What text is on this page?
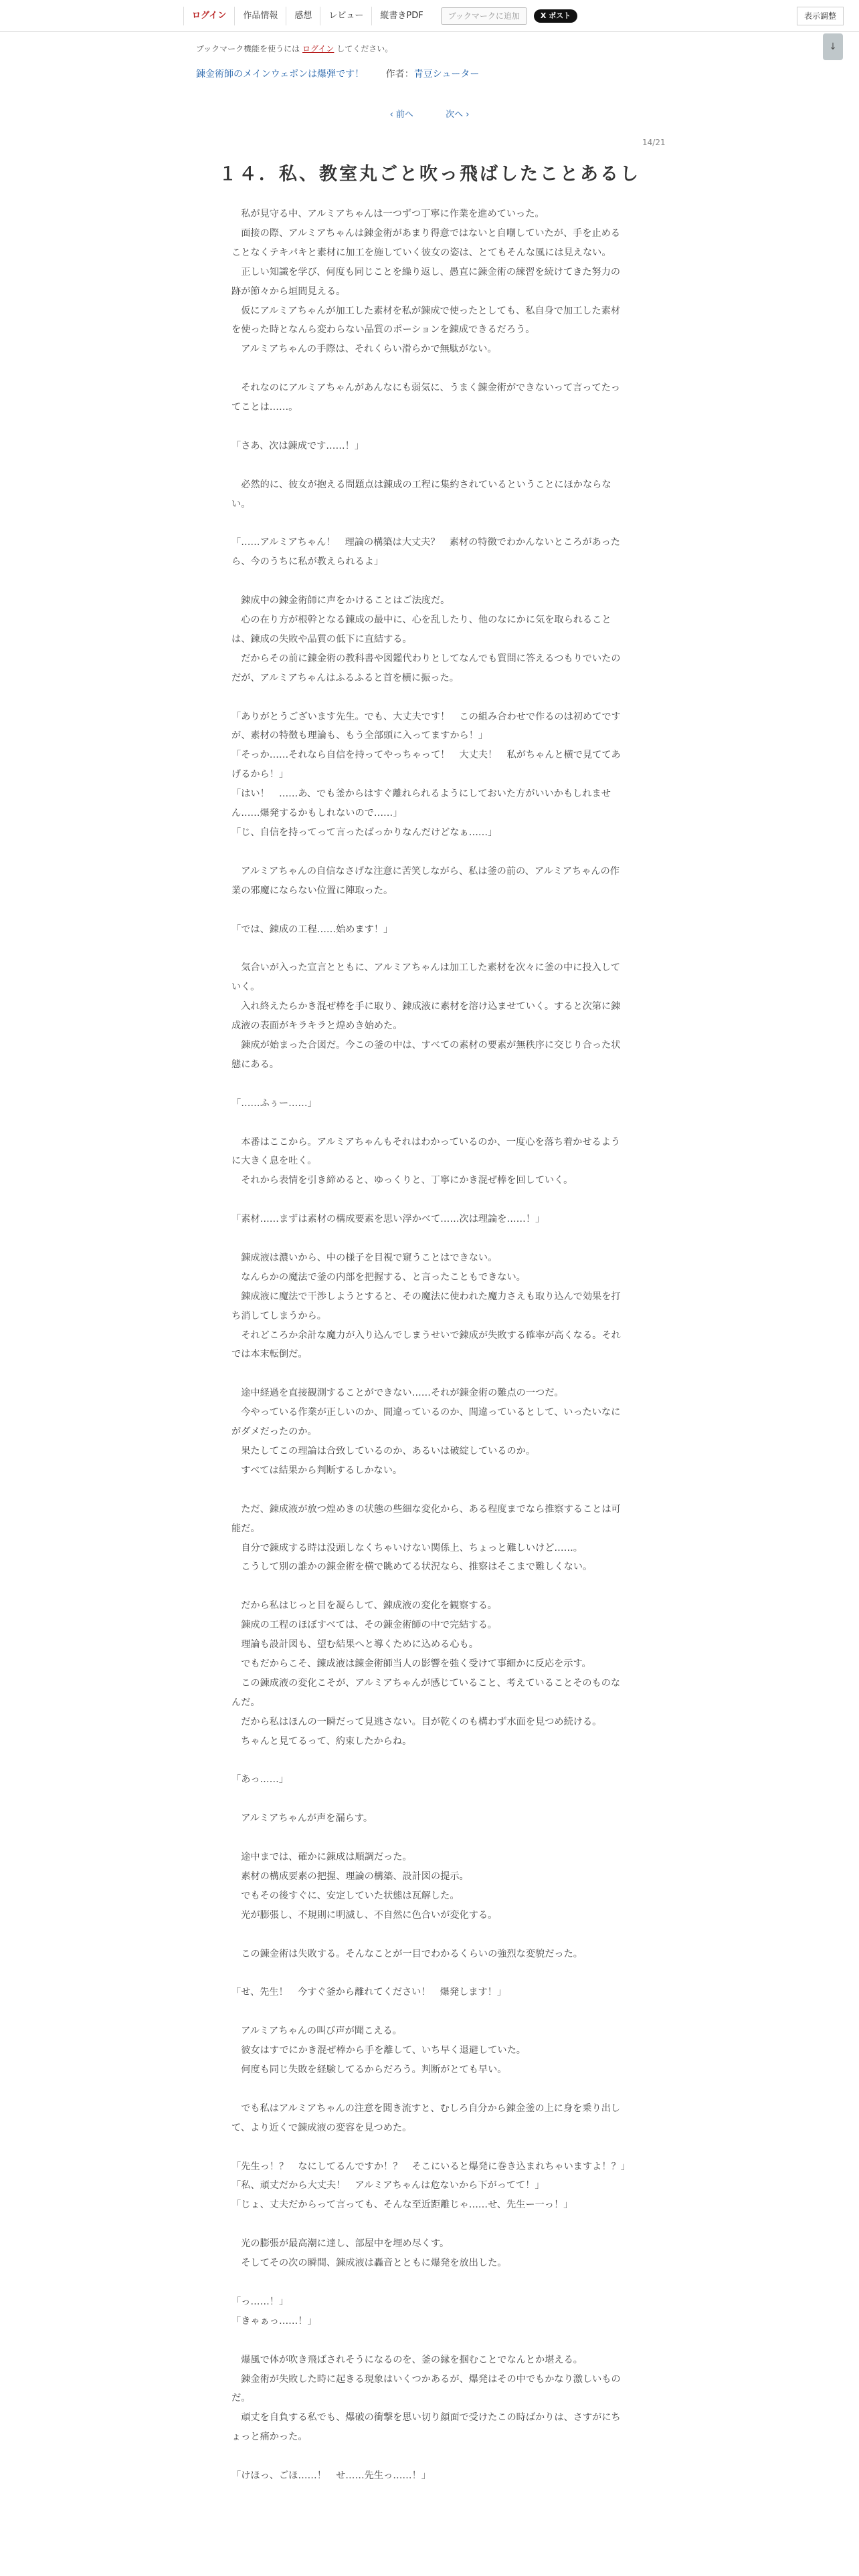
ログイン	作品情報	感想	レビュー	縦書きPDF	ブックマークに追加	X ポスト	表示調整
↓
ブックマーク機能を使うには ログイン してください。
錬金術師のメインウェポンは爆弾です！ 作者：青豆シューター
‹ 前へ	次へ ›
14/21
１４．私、教室丸ごと吹っ飛ばしたことあるし

　私が見守る中、アルミアちゃんは一つずつ丁寧に作業を進めていった。

　面接の際、アルミアちゃんは錬金術があまり得意ではないと自嘲していたが、手を止めることなくテキパキと素材に加工を施していく彼女の姿は、とてもそんな風には見えない。

　正しい知識を学び、何度も同じことを繰り返し、愚直に錬金術の練習を続けてきた努力の跡が節々から垣間見える。

　仮にアルミアちゃんが加工した素材を私が錬成で使ったとしても、私自身で加工した素材を使った時となんら変わらない品質のポーションを錬成できるだろう。

　アルミアちゃんの手際は、それくらい滑らかで無駄がない。

　それなのにアルミアちゃんがあんなにも弱気に、うまく錬金術ができないって言ってたってことは……。

「さあ、次は錬成です……！」

　必然的に、彼女が抱える問題点は錬成の工程に集約されているということにほかならない。

「……アルミアちゃん！　理論の構築は大丈夫？　素材の特徴でわかんないところがあったら、今のうちに私が教えられるよ」

　錬成中の錬金術師に声をかけることはご法度だ。

　心の在り方が根幹となる錬成の最中に、心を乱したり、他のなにかに気を取られることは、錬成の失敗や品質の低下に直結する。

　だからその前に錬金術の教科書や図鑑代わりとしてなんでも質問に答えるつもりでいたのだが、アルミアちゃんはふるふると首を横に振った。

「ありがとうございます先生。でも、大丈夫です！　この組み合わせで作るのは初めてですが、素材の特徴も理論も、もう全部頭に入ってますから！」

「そっか……それなら自信を持ってやっちゃって！　大丈夫！　私がちゃんと横で見ててあげるから！」

「はい！　……あ、でも釜からはすぐ離れられるようにしておいた方がいいかもしれません……爆発するかもしれないので……」

「じ、自信を持ってって言ったばっかりなんだけどなぁ……」

　アルミアちゃんの自信なさげな注意に苦笑しながら、私は釜の前の、アルミアちゃんの作業の邪魔にならない位置に陣取った。

「では、錬成の工程……始めます！」

　気合いが入った宣言とともに、アルミアちゃんは加工した素材を次々に釜の中に投入していく。

　入れ終えたらかき混ぜ棒を手に取り、錬成液に素材を溶け込ませていく。すると次第に錬成液の表面がキラキラと煌めき始めた。

　錬成が始まった合図だ。今この釜の中は、すべての素材の要素が無秩序に交じり合った状態にある。

「……ふぅー……」

　本番はここから。アルミアちゃんもそれはわかっているのか、一度心を落ち着かせるように大きく息を吐く。

　それから表情を引き締めると、ゆっくりと、丁寧にかき混ぜ棒を回していく。

「素材……まずは素材の構成要素を思い浮かべて……次は理論を……！」

　錬成液は濃いから、中の様子を目視で窺うことはできない。

　なんらかの魔法で釜の内部を把握する、と言ったこともできない。

　錬成液に魔法で干渉しようとすると、その魔法に使われた魔力さえも取り込んで効果を打ち消してしまうから。

　それどころか余計な魔力が入り込んでしまうせいで錬成が失敗する確率が高くなる。それでは本末転倒だ。

　途中経過を直接観測することができない……それが錬金術の難点の一つだ。

　今やっている作業が正しいのか、間違っているのか、間違っているとして、いったいなにがダメだったのか。

　果たしてこの理論は合致しているのか、あるいは破綻しているのか。

　すべては結果から判断するしかない。

　ただ、錬成液が放つ煌めきの状態の些細な変化から、ある程度までなら推察することは可能だ。

　自分で錬成する時は没頭しなくちゃいけない関係上、ちょっと難しいけど……。

　こうして別の誰かの錬金術を横で眺めてる状況なら、推察はそこまで難しくない。

　だから私はじっと目を凝らして、錬成液の変化を観察する。

　錬成の工程のほぼすべては、その錬金術師の中で完結する。

　理論も設計図も、望む結果へと導くために込める心も。

　でもだからこそ、錬成液は錬金術師当人の影響を強く受けて事細かに反応を示す。

　この錬成液の変化こそが、アルミアちゃんが感じていること、考えていることそのものなんだ。

　だから私はほんの一瞬だって見逃さない。目が乾くのも構わず水面を見つめ続ける。

　ちゃんと見てるって、約束したからね。

「あっ……」

　アルミアちゃんが声を漏らす。

　途中までは、確かに錬成は順調だった。

　素材の構成要素の把握、理論の構築、設計図の提示。

　でもその後すぐに、安定していた状態は瓦解した。

　光が膨張し、不規則に明滅し、不自然に色合いが変化する。

　この錬金術は失敗する。そんなことが一目でわかるくらいの強烈な変貌だった。

「せ、先生！　今すぐ釜から離れてください！　爆発します！」

　アルミアちゃんの叫び声が聞こえる。

　彼女はすでにかき混ぜ棒から手を離して、いち早く退避していた。

　何度も同じ失敗を経験してるからだろう。判断がとても早い。

　でも私はアルミアちゃんの注意を聞き流すと、むしろ自分から錬金釜の上に身を乗り出して、より近くで錬成液の変容を見つめた。

「先生っ！？　なにしてるんですか！？　そこにいると爆発に巻き込まれちゃいますよ！？」

「私、頑丈だから大丈夫！　アルミアちゃんは危ないから下がってて！」

「じょ、丈夫だからって言っても、そんな至近距離じゃ……せ、先生ー一っ！」

　光の膨張が最高潮に達し、部屋中を埋め尽くす。

　そしてその次の瞬間、錬成液は轟音とともに爆発を放出した。

「っ……！」

「きゃぁっ……！」

　爆風で体が吹き飛ばされそうになるのを、釜の縁を掴むことでなんとか堪える。

　錬金術が失敗した時に起きる現象はいくつかあるが、爆発はその中でもかなり激しいものだ。

　頑丈を自負する私でも、爆破の衝撃を思い切り顔面で受けたこの時ばかりは、さすがにちょっと痛かった。

「けほっ、ごほ……！　せ……先生っ……！」
